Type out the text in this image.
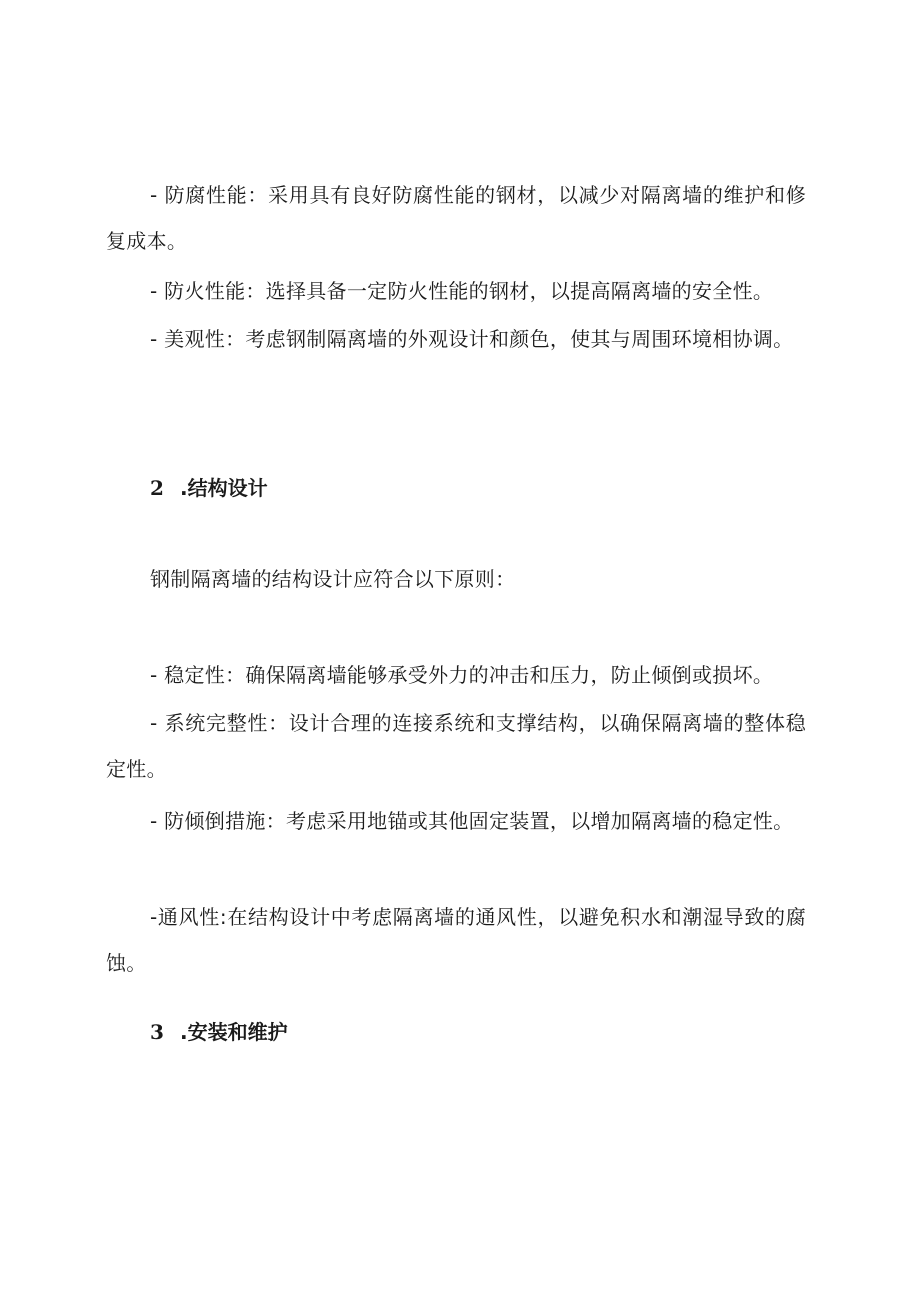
- 防腐性能：采用具有良好防腐性能的钢材，以减少对隔离墙的维护和修复成本。

- 防火性能：选择具备一定防火性能的钢材，以提高隔离墙的安全性。

- 美观性：考虑钢制隔离墙的外观设计和颜色，使其与周围环境相协调。

2 .结构设计

钢制隔离墙的结构设计应符合以下原则：

- 稳定性：确保隔离墙能够承受外力的冲击和压力，防止倾倒或损坏。

- 系统完整性：设计合理的连接系统和支撑结构，以确保隔离墙的整体稳定性。

- 防倾倒措施：考虑采用地锚或其他固定装置，以增加隔离墙的稳定性。

-通风性:在结构设计中考虑隔离墙的通风性，以避免积水和潮湿导致的腐蚀。

3 .安装和维护
